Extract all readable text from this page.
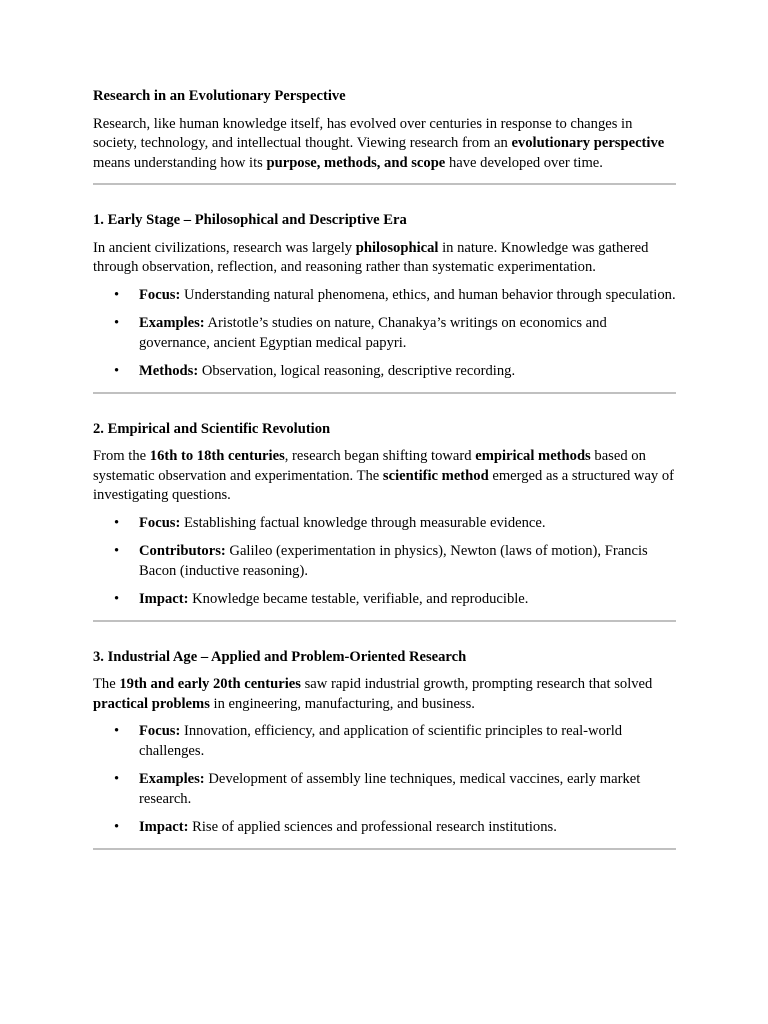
Research in an Evolutionary Perspective

Research, like human knowledge itself, has evolved over centuries in response to changes in society, technology, and intellectual thought. Viewing research from an evolutionary perspective means understanding how its purpose, methods, and scope have developed over time.

1. Early Stage – Philosophical and Descriptive Era

In ancient civilizations, research was largely philosophical in nature. Knowledge was gathered through observation, reflection, and reasoning rather than systematic experimentation.

• Focus: Understanding natural phenomena, ethics, and human behavior through speculation.
• Examples: Aristotle’s studies on nature, Chanakya’s writings on economics and governance, ancient Egyptian medical papyri.
• Methods: Observation, logical reasoning, descriptive recording.
2. Empirical and Scientific Revolution

From the 16th to 18th centuries, research began shifting toward empirical methods based on systematic observation and experimentation. The scientific method emerged as a structured way of investigating questions.

• Focus: Establishing factual knowledge through measurable evidence.
• Contributors: Galileo (experimentation in physics), Newton (laws of motion), Francis Bacon (inductive reasoning).
• Impact: Knowledge became testable, verifiable, and reproducible.
3. Industrial Age – Applied and Problem-Oriented Research

The 19th and early 20th centuries saw rapid industrial growth, prompting research that solved practical problems in engineering, manufacturing, and business.

• Focus: Innovation, efficiency, and application of scientific principles to real-world challenges.
• Examples: Development of assembly line techniques, medical vaccines, early market research.
• Impact: Rise of applied sciences and professional research institutions.
